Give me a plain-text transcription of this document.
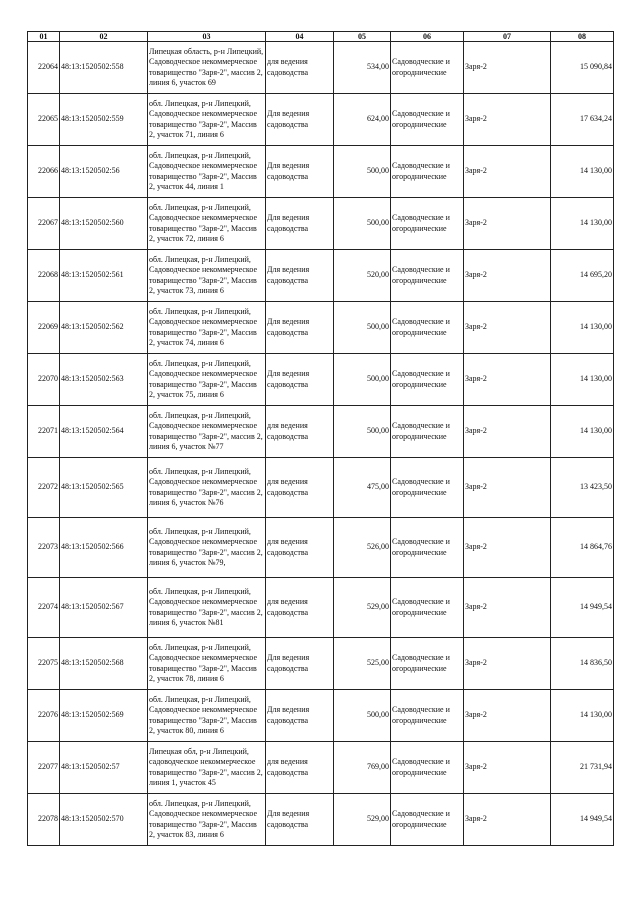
01	02	03	04	05	06	07	08
22064	48:13:1520502:558	Липецкая область, р-н Липецкий, Садоводческое некоммерческое товарищество "Заря-2", массив 2, линия 6, участок 69	для ведения садоводства	534,00	Садоводческие и огороднические	Заря-2	15 090,84
22065	48:13:1520502:559	обл. Липецкая, р-н Липецкий, Садоводческое некоммерческое товарищество "Заря-2", Массив 2, участок 71, линия 6	Для ведения садоводства	624,00	Садоводческие и огороднические	Заря-2	17 634,24
22066	48:13:1520502:56	обл. Липецкая, р-н Липецкий, Садоводческое некоммерческое товарищество "Заря-2", Массив 2, участок 44, линия 1	Для ведения садоводства	500,00	Садоводческие и огороднические	Заря-2	14 130,00
22067	48:13:1520502:560	обл. Липецкая, р-н Липецкий, Садоводческое некоммерческое товарищество "Заря-2", Массив 2, участок 72, линия 6	Для ведения садоводства	500,00	Садоводческие и огороднические	Заря-2	14 130,00
22068	48:13:1520502:561	обл. Липецкая, р-н Липецкий, Садоводческое некоммерческое товарищество "Заря-2", Массив 2, участок 73, линия 6	Для ведения садоводства	520,00	Садоводческие и огороднические	Заря-2	14 695,20
22069	48:13:1520502:562	обл. Липецкая, р-н Липецкий, Садоводческое некоммерческое товарищество "Заря-2", Массив 2, участок 74, линия 6	Для ведения садоводства	500,00	Садоводческие и огороднические	Заря-2	14 130,00
22070	48:13:1520502:563	обл. Липецкая, р-н Липецкий, Садоводческое некоммерческое товарищество "Заря-2", Массив 2, участок 75, линия 6	Для ведения садоводства	500,00	Садоводческие и огороднические	Заря-2	14 130,00
22071	48:13:1520502:564	обл. Липецкая, р-н Липецкий, Садоводческое некоммерческое товарищество "Заря-2", массив 2, линия 6, участок №77	для ведения садоводства	500,00	Садоводческие и огороднические	Заря-2	14 130,00
22072	48:13:1520502:565	обл. Липецкая, р-н Липецкий, Садоводческое некоммерческое товарищество "Заря-2", массив 2, линия 6, участок №76	для ведения садоводства	475,00	Садоводческие и огороднические	Заря-2	13 423,50
22073	48:13:1520502:566	обл. Липецкая, р-н Липецкий, Садоводческое некоммерческое товарищество "Заря-2", массив 2, линия 6, участок №79,	для ведения садоводства	526,00	Садоводческие и огороднические	Заря-2	14 864,76
22074	48:13:1520502:567	обл. Липецкая, р-н Липецкий, Садоводческое некоммерческое товарищество "Заря-2", массив 2, линия 6, участок №81	для ведения садоводства	529,00	Садоводческие и огороднические	Заря-2	14 949,54
22075	48:13:1520502:568	обл. Липецкая, р-н Липецкий, Садоводческое некоммерческое товарищество "Заря-2", Массив 2, участок 78, линия 6	Для ведения садоводства	525,00	Садоводческие и огороднические	Заря-2	14 836,50
22076	48:13:1520502:569	обл. Липецкая, р-н Липецкий, Садоводческое некоммерческое товарищество "Заря-2", Массив 2, участок 80, линия 6	Для ведения садоводства	500,00	Садоводческие и огороднические	Заря-2	14 130,00
22077	48:13:1520502:57	Липецкая обл, р-н Липецкий, садоводческое некоммерческое товарищество "Заря-2", массив 2, линия 1, участок 45	для ведения садоводства	769,00	Садоводческие и огороднические	Заря-2	21 731,94
22078	48:13:1520502:570	обл. Липецкая, р-н Липецкий, Садоводческое некоммерческое товарищество "Заря-2", Массив 2, участок 83, линия 6	Для ведения садоводства	529,00	Садоводческие и огороднические	Заря-2	14 949,54
